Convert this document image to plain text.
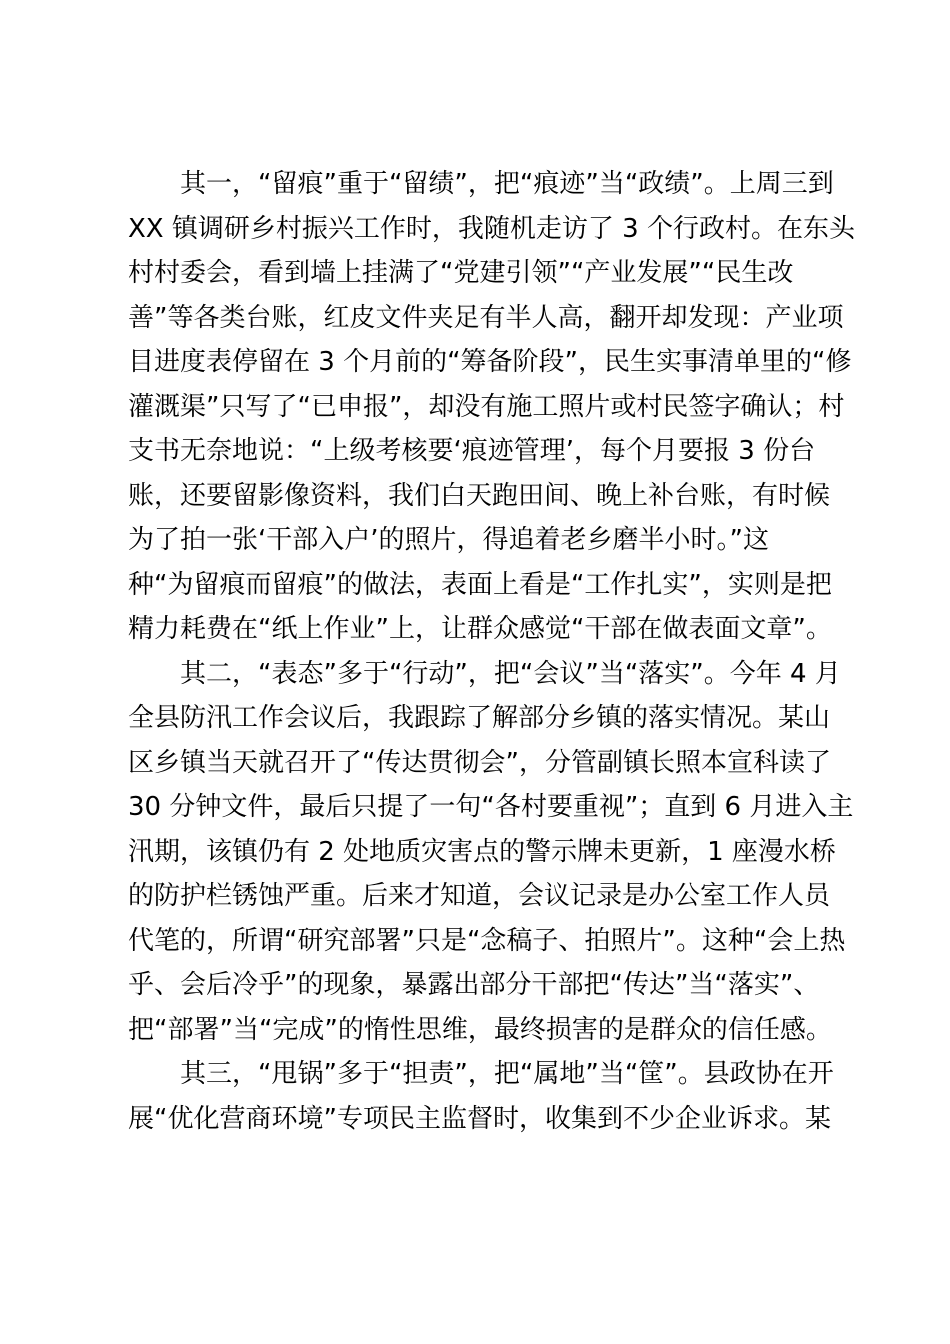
其一，“留痕”重于“留绩”，把“痕迹”当“政绩”。上周三到
XX 镇调研乡村振兴工作时，我随机走访了 3 个行政村。在东头
村村委会，看到墙上挂满了“党建引领”“产业发展”“民生改
善”等各类台账，红皮文件夹足有半人高，翻开却发现：产业项
目进度表停留在 3 个月前的“筹备阶段”，民生实事清单里的“修
灌溉渠”只写了“已申报”，却没有施工照片或村民签字确认；村
支书无奈地说：“上级考核要‘痕迹管理’，每个月要报 3 份台
账，还要留影像资料，我们白天跑田间、晚上补台账，有时候
为了拍一张‘干部入户’的照片，得追着老乡磨半小时。”这
种“为留痕而留痕”的做法，表面上看是“工作扎实”，实则是把
精力耗费在“纸上作业”上，让群众感觉“干部在做表面文章”。
其二，“表态”多于“行动”，把“会议”当“落实”。今年 4 月
全县防汛工作会议后，我跟踪了解部分乡镇的落实情况。某山
区乡镇当天就召开了“传达贯彻会”，分管副镇长照本宣科读了
30 分钟文件，最后只提了一句“各村要重视”；直到 6 月进入主
汛期，该镇仍有 2 处地质灾害点的警示牌未更新，1 座漫水桥
的防护栏锈蚀严重。后来才知道，会议记录是办公室工作人员
代笔的，所谓“研究部署”只是“念稿子、拍照片”。这种“会上热
乎、会后冷乎”的现象，暴露出部分干部把“传达”当“落实”、
把“部署”当“完成”的惰性思维，最终损害的是群众的信任感。
其三，“甩锅”多于“担责”，把“属地”当“筐”。县政协在开
展“优化营商环境”专项民主监督时，收集到不少企业诉求。某
